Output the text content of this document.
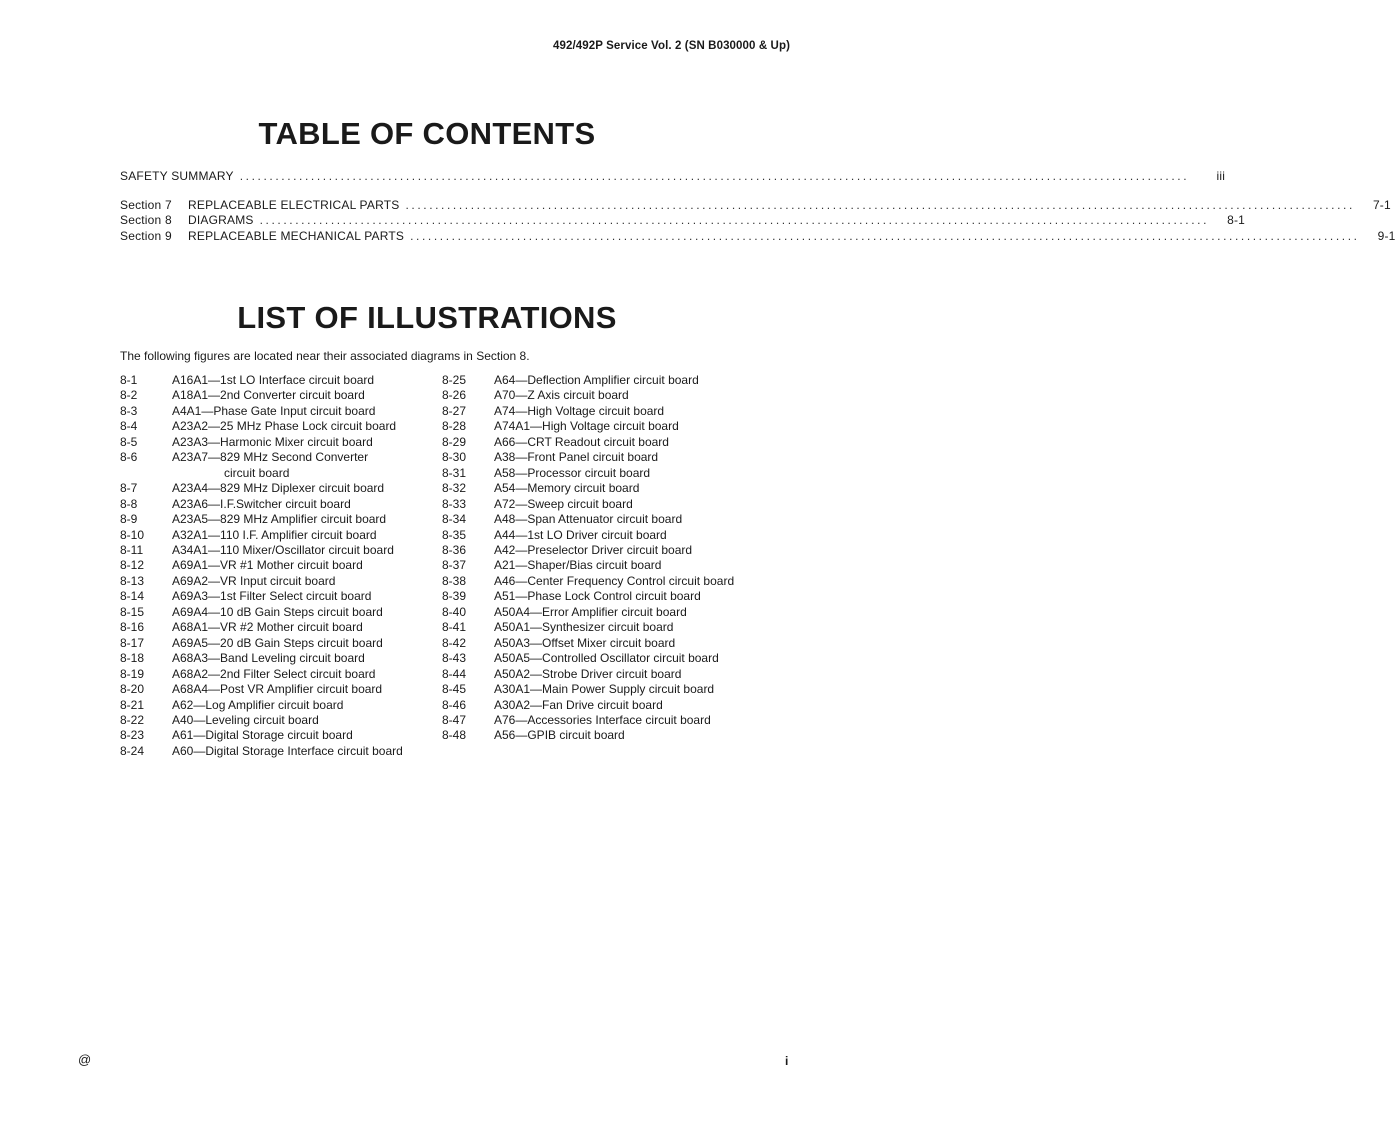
492/492P Service Vol. 2 (SN B030000 & Up)
TABLE OF CONTENTS
SAFETY SUMMARY ................................................................................................................................................................	iii
Section 7	REPLACEABLE ELECTRICAL PARTS ................................................................................................................................................................	7-1
Section 8	DIAGRAMS ................................................................................................................................................................	8-1
Section 9	REPLACEABLE MECHANICAL PARTS ................................................................................................................................................................	9-1
LIST OF ILLUSTRATIONS
The following figures are located near their associated diagrams in Section 8.
8-1	A16A1—1st LO Interface circuit board
8-2	A18A1—2nd Converter circuit board
8-3	A4A1—Phase Gate Input circuit board
8-4	A23A2—25 MHz Phase Lock circuit board
8-5	A23A3—Harmonic Mixer circuit board
8-6	A23A7—829 MHz Second Converter
circuit board
8-7	A23A4—829 MHz Diplexer circuit board
8-8	A23A6—I.F.Switcher circuit board
8-9	A23A5—829 MHz Amplifier circuit board
8-10	A32A1—110 I.F. Amplifier circuit board
8-11	A34A1—110 Mixer/Oscillator circuit board
8-12	A69A1—VR #1 Mother circuit board
8-13	A69A2—VR Input circuit board
8-14	A69A3—1st Filter Select circuit board
8-15	A69A4—10 dB Gain Steps circuit board
8-16	A68A1—VR #2 Mother circuit board
8-17	A69A5—20 dB Gain Steps circuit board
8-18	A68A3—Band Leveling circuit board
8-19	A68A2—2nd Filter Select circuit board
8-20	A68A4—Post VR Amplifier circuit board
8-21	A62—Log Amplifier circuit board
8-22	A40—Leveling circuit board
8-23	A61—Digital Storage circuit board
8-24	A60—Digital Storage Interface circuit board
8-25	A64—Deflection Amplifier circuit board
8-26	A70—Z Axis circuit board
8-27	A74—High Voltage circuit board
8-28	A74A1—High Voltage circuit board
8-29	A66—CRT Readout circuit board
8-30	A38—Front Panel circuit board
8-31	A58—Processor circuit board
8-32	A54—Memory circuit board
8-33	A72—Sweep circuit board
8-34	A48—Span Attenuator circuit board
8-35	A44—1st LO Driver circuit board
8-36	A42—Preselector Driver circuit board
8-37	A21—Shaper/Bias circuit board
8-38	A46—Center Frequency Control circuit board
8-39	A51—Phase Lock Control circuit board
8-40	A50A4—Error Amplifier circuit board
8-41	A50A1—Synthesizer circuit board
8-42	A50A3—Offset Mixer circuit board
8-43	A50A5—Controlled Oscillator circuit board
8-44	A50A2—Strobe Driver circuit board
8-45	A30A1—Main Power Supply circuit board
8-46	A30A2—Fan Drive circuit board
8-47	A76—Accessories Interface circuit board
8-48	A56—GPIB circuit board
@	i
